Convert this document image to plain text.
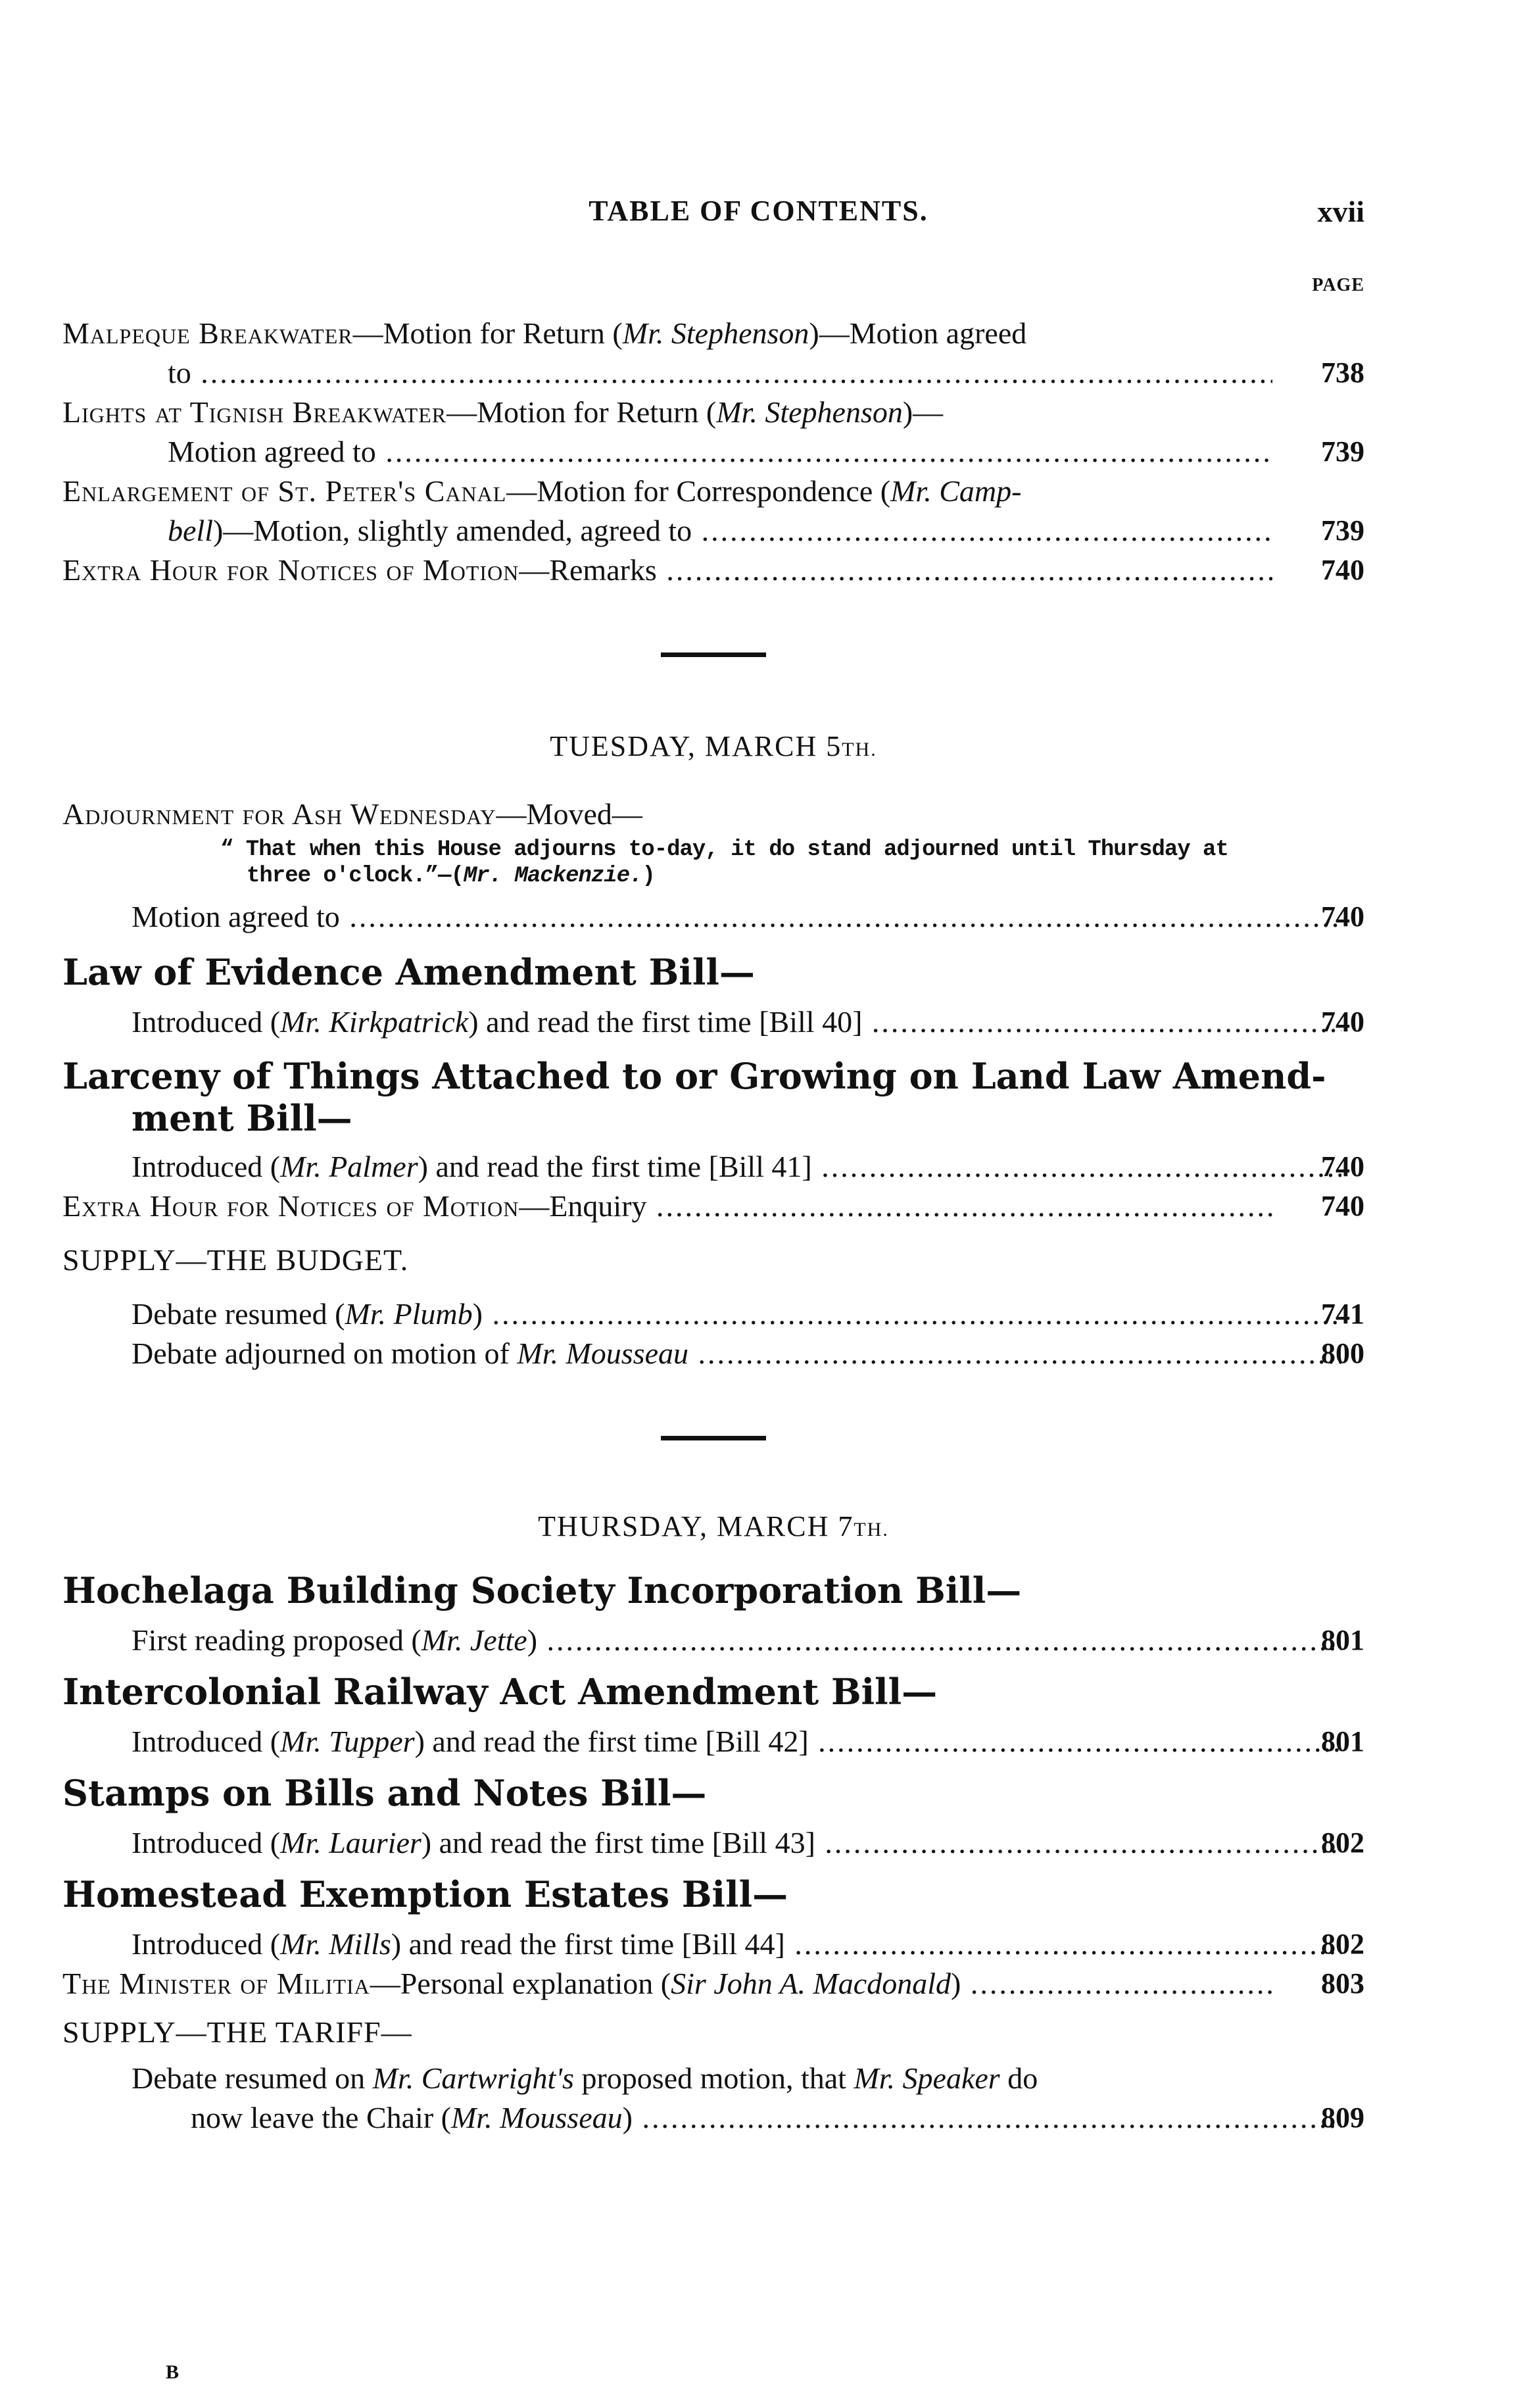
TABLE OF CONTENTS.	xvii
PAGE
Malpeque Breakwater—Motion for Return (Mr. Stephenson)—Motion agreed
to .....	738
Lights at Tignish Breakwater—Motion for Return (Mr. Stephenson)—
Motion agreed to .....	739
Enlargement of St. Peter's Canal—Motion for Correspondence (Mr. Camp-
bell)—Motion, slightly amended, agreed to .....	739
Extra Hour for Notices of Motion—Remarks .....	740
TUESDAY, MARCH 5TH.
Adjournment for Ash Wednesday—Moved—
“ That when this House adjourns to-day, it do stand adjourned until Thursday at
three o'clock.”—(Mr. Mackenzie.)
Motion agreed to .....	740
Law of Evidence Amendment Bill—
Introduced (Mr. Kirkpatrick) and read the first time [Bill 40] .....	740
Larceny of Things Attached to or Growing on Land Law Amend-
ment Bill—
Introduced (Mr. Palmer) and read the first time [Bill 41] .....	740
Extra Hour for Notices of Motion—Enquiry .....	740
SUPPLY—THE BUDGET.
Debate resumed (Mr. Plumb) .....	741
Debate adjourned on motion of Mr. Mousseau .....	800
THURSDAY, MARCH 7TH.
Hochelaga Building Society Incorporation Bill—
First reading proposed (Mr. Jette) .....	801
Intercolonial Railway Act Amendment Bill—
Introduced (Mr. Tupper) and read the first time [Bill 42] .....	801
Stamps on Bills and Notes Bill—
Introduced (Mr. Laurier) and read the first time [Bill 43] .....	802
Homestead Exemption Estates Bill—
Introduced (Mr. Mills) and read the first time [Bill 44] .....	802
The Minister of Militia—Personal explanation (Sir John A. Macdonald) .....	803
SUPPLY—THE TARIFF—
Debate resumed on Mr. Cartwright's proposed motion, that Mr. Speaker do
now leave the Chair (Mr. Mousseau) .....	809
B
